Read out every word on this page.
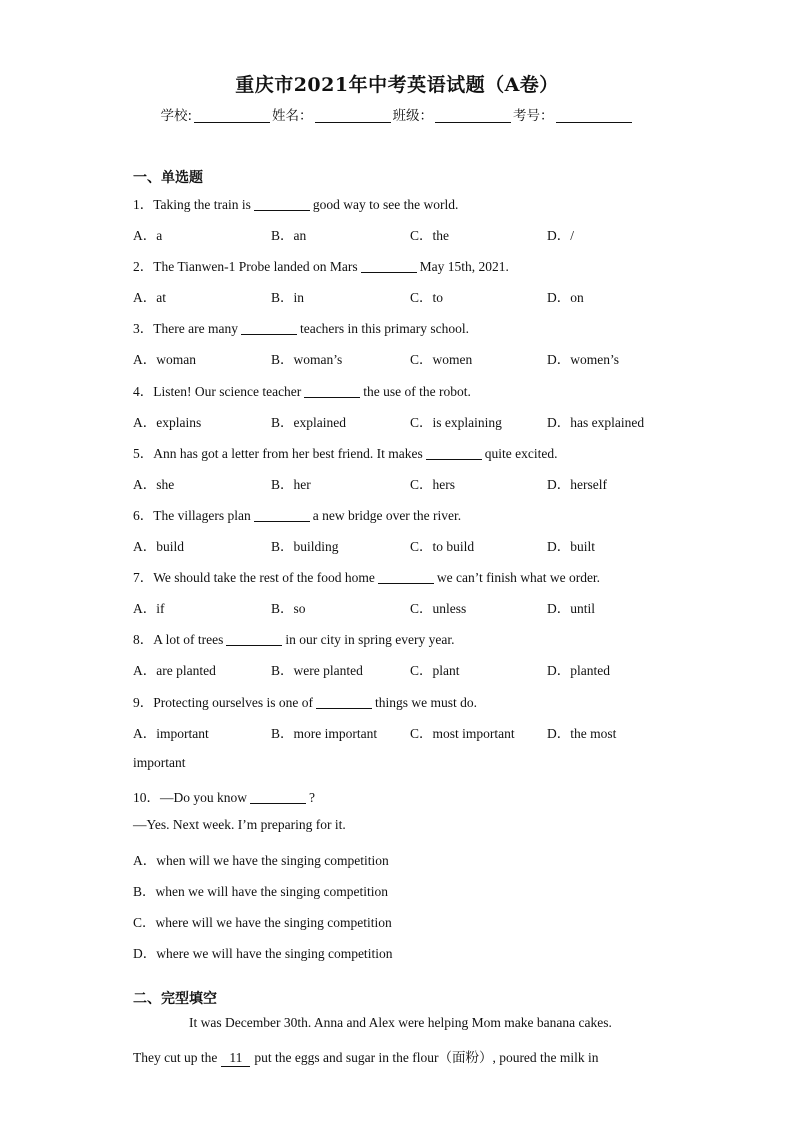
重庆市2021年中考英语试题（A卷）
学校:	姓名：	班级：	考号：
一、单选题
1．Taking the train is	good way to see the world.
A．a	B．an	C．the	D．/
2．The Tianwen-1 Probe landed on Mars	May 15th, 2021.
A．at	B．in	C．to	D．on
3．There are many	teachers in this primary school.
A．woman	B．woman’s	C．women	D．women’s
4．Listen! Our science teacher	the use of the robot.
A．explains	B．explained	C．is explaining	D．has explained
5．Ann has got a letter from her best friend. It makes	quite excited.
A．she	B．her	C．hers	D．herself
6．The villagers plan	a new bridge over the river.
A．build	B．building	C．to build	D．built
7．We should take the rest of the food home	we can’t finish what we order.
A．if	B．so	C．unless	D．until
8．A lot of trees	in our city in spring every year.
A．are planted	B．were planted	C．plant	D．planted
9．Protecting ourselves is one of	things we must do.
A．important	B．more important C．most important D．the most
important
10．—Do you know	?
—Yes. Next week. I’m preparing for it.
A．when will we have the singing competition
B．when we will have the singing competition
C．where will we have the singing competition
D．where we will have the singing competition
二、完型填空
It was December 30th. Anna and Alex were helping Mom make banana cakes.
They cut up the 11 put the eggs and sugar in the flour（面粉）, poured the milk in
